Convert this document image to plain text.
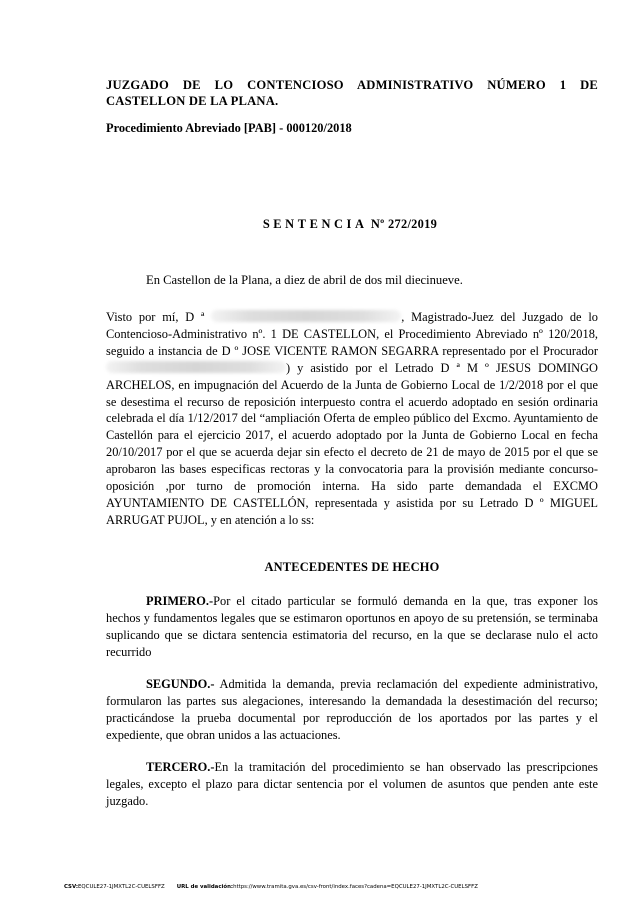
JUZGADO DE LO CONTENCIOSO ADMINISTRATIVO NÚMERO 1 DE CASTELLON DE LA PLANA.
Procedimiento Abreviado [PAB] - 000120/2018
SENTENCIA Nº 272/2019
En Castellon de la Plana, a diez de abril de dos mil diecinueve.
Visto por mí, D ª	, Magistrado-Juez del Juzgado de lo Contencioso-Administrativo nº. 1 DE CASTELLON, el Procedimiento Abreviado nº 120/2018, seguido a instancia de D º JOSE VICENTE RAMON SEGARRA representado por el Procurador ) y asistido por el Letrado D ª M º JESUS DOMINGO ARCHELOS, en impugnación del Acuerdo de la Junta de Gobierno Local de 1/2/2018 por el que se desestima el recurso de reposición interpuesto contra el acuerdo adoptado en sesión ordinaria celebrada el día 1/12/2017 del “ampliación Oferta de empleo público del Excmo. Ayuntamiento de Castellón para el ejercicio 2017, el acuerdo adoptado por la Junta de Gobierno Local en fecha 20/10/2017 por el que se acuerda dejar sin efecto el decreto de 21 de mayo de 2015 por el que se aprobaron las bases especificas rectoras y la convocatoria para la provisión mediante concurso-oposición ,por turno de promoción interna. Ha sido parte demandada el EXCMO AYUNTAMIENTO DE CASTELLÓN, representada y asistida por su Letrado D º MIGUEL ARRUGAT PUJOL, y en atención a lo ss:
ANTECEDENTES DE HECHO
PRIMERO.-Por el citado particular se formuló demanda en la que, tras exponer los hechos y fundamentos legales que se estimaron oportunos en apoyo de su pretensión, se terminaba suplicando que se dictara sentencia estimatoria del recurso, en la que se declarase nulo el acto recurrido
SEGUNDO.- Admitida la demanda, previa reclamación del expediente administrativo, formularon las partes sus alegaciones, interesando la demandada la desestimación del recurso; practicándose la prueba documental por reproducción de los aportados por las partes y el expediente, que obran unidos a las actuaciones.
TERCERO.-En la tramitación del procedimiento se han observado las prescripciones legales, excepto el plazo para dictar sentencia por el volumen de asuntos que penden ante este juzgado.
CSV:EQCULE27-1JMXTL2C-CUELSFFZ URL de validación:https://www.tramita.gva.es/csv-front/index.faces?cadena=EQCULE27-1JMXTL2C-CUELSFFZ
